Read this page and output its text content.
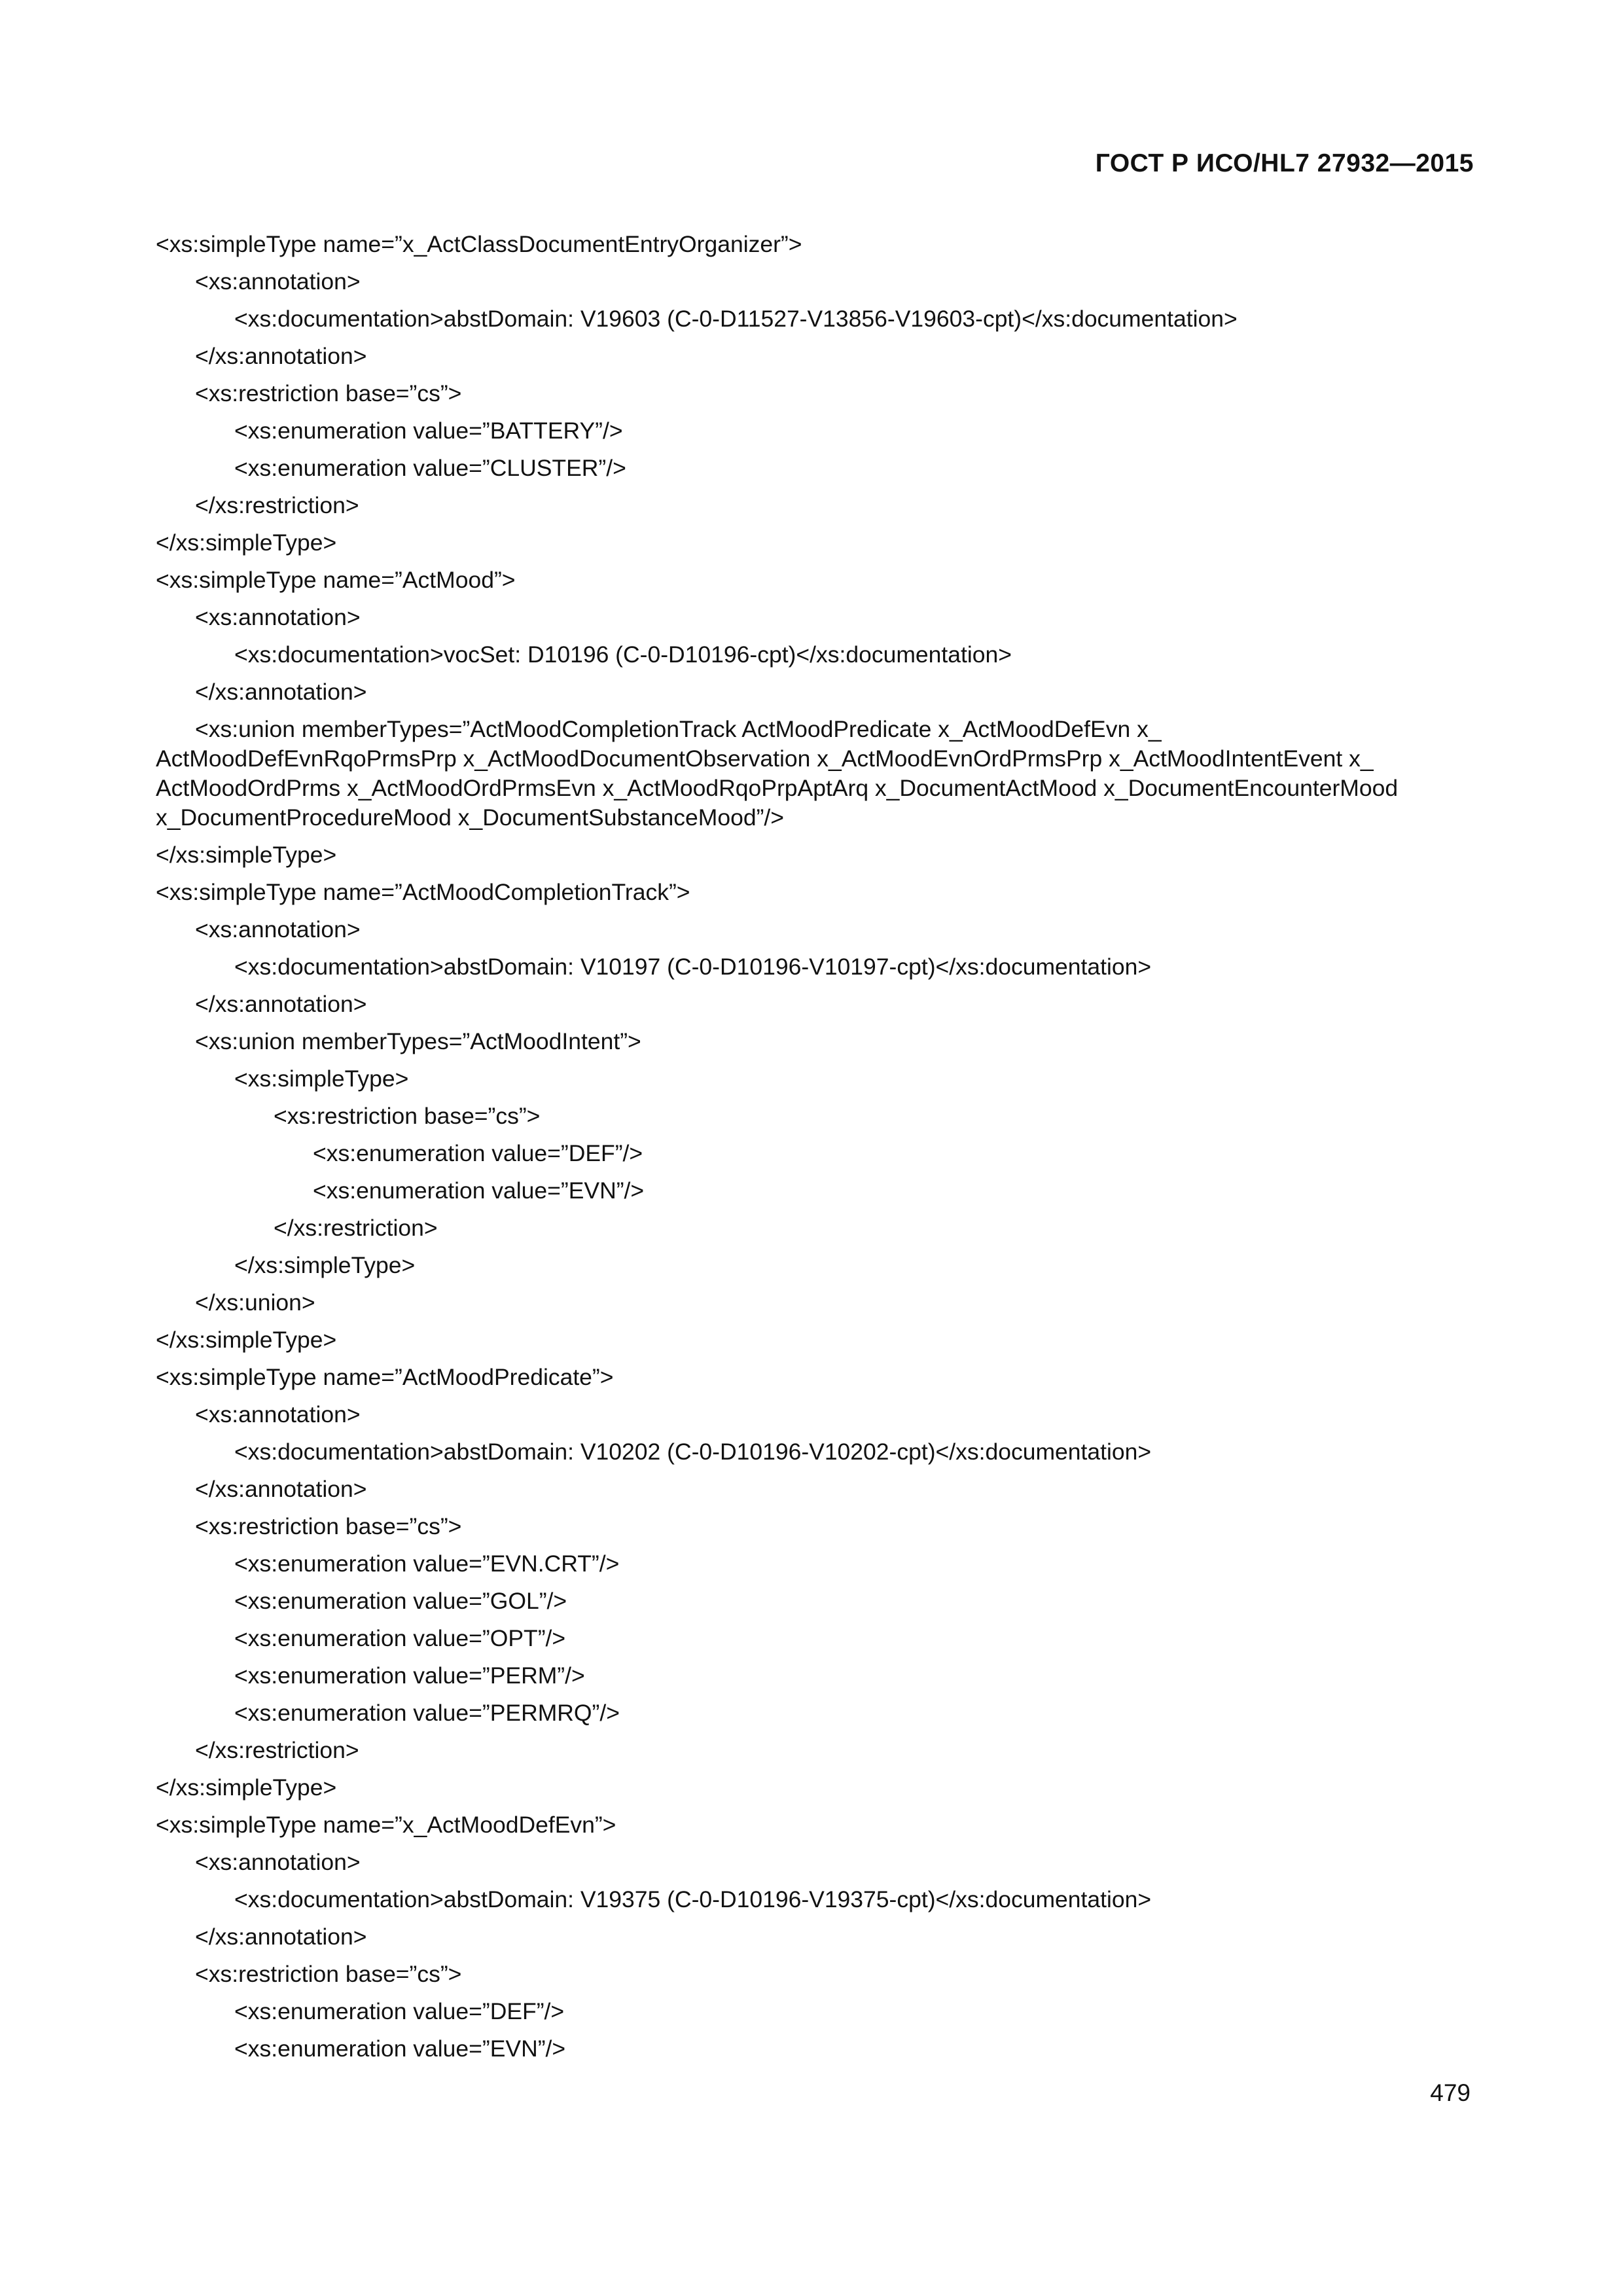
ГОСТ Р ИСО/HL7 27932—2015
<xs:simpleType name=”x_ActClassDocumentEntryOrganizer”>
<xs:annotation>
<xs:documentation>abstDomain: V19603 (C-0-D11527-V13856-V19603-cpt)</xs:documentation>
</xs:annotation>
<xs:restriction base=”cs”>
<xs:enumeration value=”BATTERY”/>
<xs:enumeration value=”CLUSTER”/>
</xs:restriction>
</xs:simpleType>
<xs:simpleType name=”ActMood”>
<xs:annotation>
<xs:documentation>vocSet: D10196 (C-0-D10196-cpt)</xs:documentation>
</xs:annotation>
<xs:union memberTypes=”ActMoodCompletionTrack ActMoodPredicate x_ActMoodDefEvn x_
ActMoodDefEvnRqoPrmsPrp x_ActMoodDocumentObservation x_ActMoodEvnOrdPrmsPrp x_ActMoodIntentEvent x_
ActMoodOrdPrms x_ActMoodOrdPrmsEvn x_ActMoodRqoPrpAptArq x_DocumentActMood x_DocumentEncounterMood
x_DocumentProcedureMood x_DocumentSubstanceMood”/>
</xs:simpleType>
<xs:simpleType name=”ActMoodCompletionTrack”>
<xs:annotation>
<xs:documentation>abstDomain: V10197 (C-0-D10196-V10197-cpt)</xs:documentation>
</xs:annotation>
<xs:union memberTypes=”ActMoodIntent”>
<xs:simpleType>
<xs:restriction base=”cs”>
<xs:enumeration value=”DEF”/>
<xs:enumeration value=”EVN”/>
</xs:restriction>
</xs:simpleType>
</xs:union>
</xs:simpleType>
<xs:simpleType name=”ActMoodPredicate”>
<xs:annotation>
<xs:documentation>abstDomain: V10202 (C-0-D10196-V10202-cpt)</xs:documentation>
</xs:annotation>
<xs:restriction base=”cs”>
<xs:enumeration value=”EVN.CRT”/>
<xs:enumeration value=”GOL”/>
<xs:enumeration value=”OPT”/>
<xs:enumeration value=”PERM”/>
<xs:enumeration value=”PERMRQ”/>
</xs:restriction>
</xs:simpleType>
<xs:simpleType name=”x_ActMoodDefEvn”>
<xs:annotation>
<xs:documentation>abstDomain: V19375 (C-0-D10196-V19375-cpt)</xs:documentation>
</xs:annotation>
<xs:restriction base=”cs”>
<xs:enumeration value=”DEF”/>
<xs:enumeration value=”EVN”/>
479
